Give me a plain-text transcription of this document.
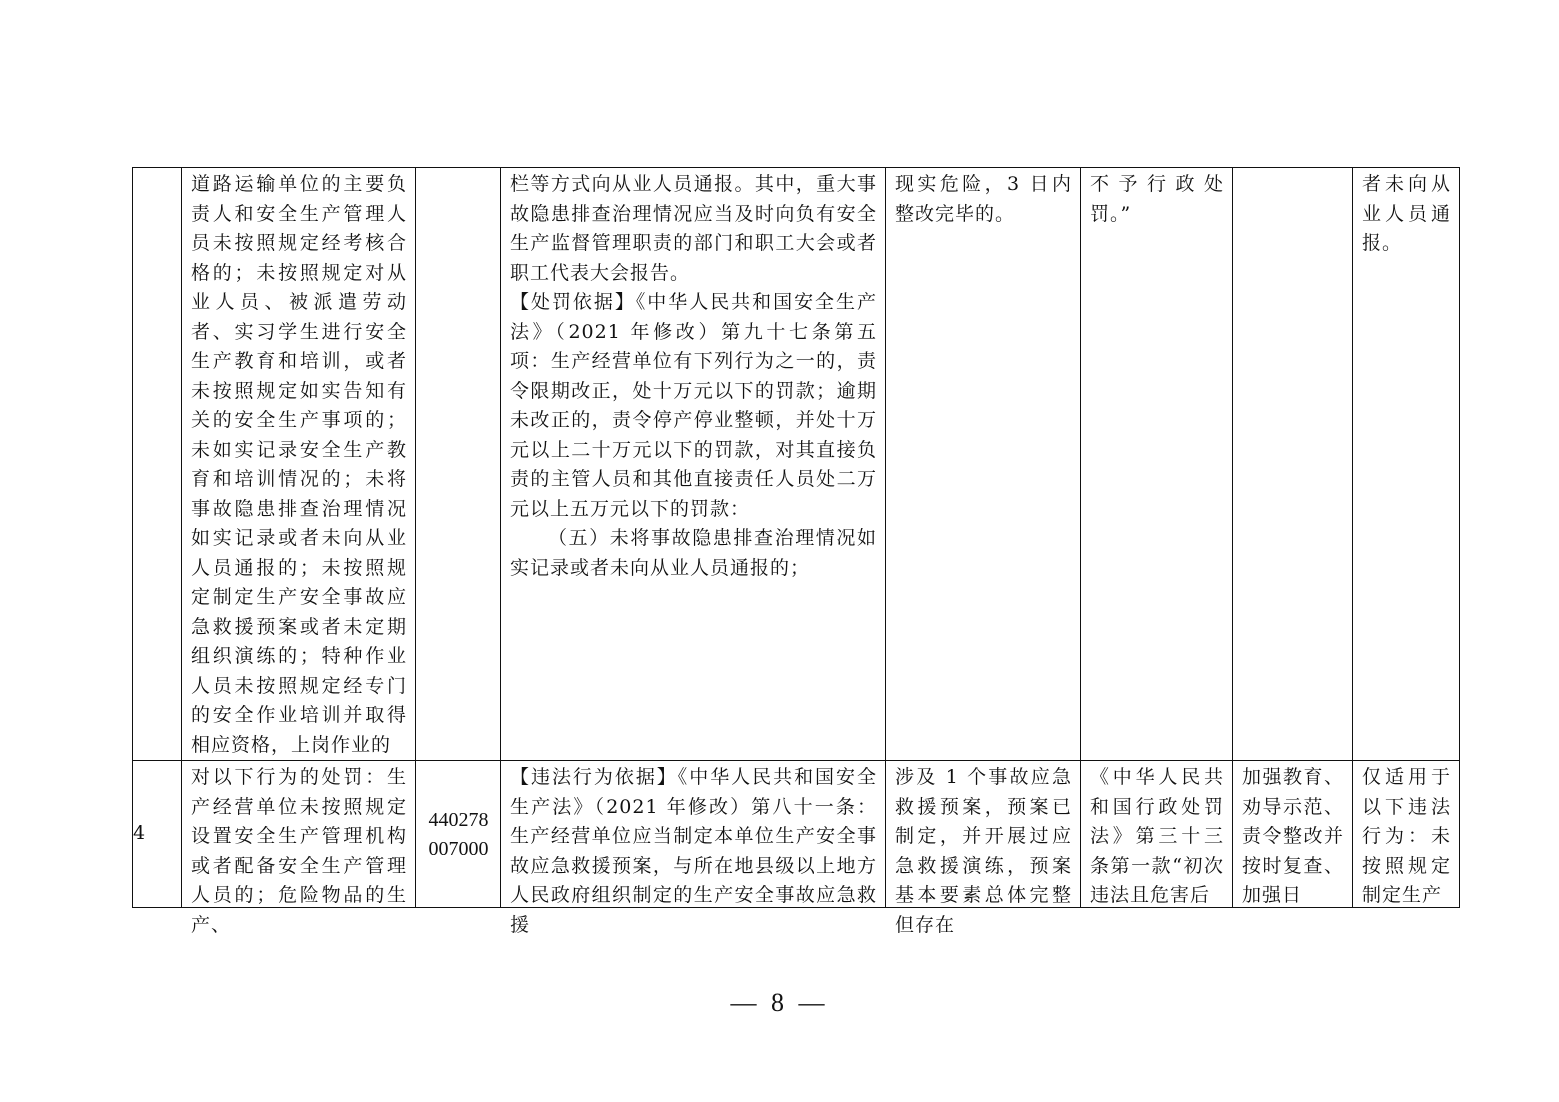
	道路运输单位的主要负责人和安全生产管理人员未按照规定经考核合格的；未按照规定对从业人员、被派遣劳动者、实习学生进行安全生产教育和培训，或者未按照规定如实告知有关的安全生产事项的；未如实记录安全生产教育和培训情况的；未将事故隐患排查治理情况如实记录或者未向从业人员通报的；未按照规定制定生产安全事故应急救援预案或者未定期组织演练的；特种作业人员未按照规定经专门的安全作业培训并取得相应资格，上岗作业的		栏等方式向从业人员通报。其中，重大事故隐患排查治理情况应当及时向负有安全生产监督管理职责的部门和职工大会或者职工代表大会报告。
【处罚依据】《中华人民共和国安全生产法》（2021 年修改）第九十七条第五项：生产经营单位有下列行为之一的，责令限期改正，处十万元以下的罚款；逾期未改正的，责令停产停业整顿，并处十万元以上二十万元以下的罚款，对其直接负责的主管人员和其他直接责任人员处二万元以上五万元以下的罚款：
（五）未将事故隐患排查治理情况如实记录或者未向从业人员通报的；	现实危险，3 日内整改完毕的。	不予行政处罚。”		者未向从业人员通报。
4	对以下行为的处罚：生产经营单位未按照规定设置安全生产管理机构或者配备安全生产管理人员的；危险物品的生产、	440278
007000	【违法行为依据】《中华人民共和国安全生产法》（2021 年修改）第八十一条：生产经营单位应当制定本单位生产安全事故应急救援预案，与所在地县级以上地方人民政府组织制定的生产安全事故应急救援	涉及 1 个事故应急救援预案，预案已制定，并开展过应急救援演练，预案基本要素总体完整但存在	《中华人民共和国行政处罚法》第三十三条第一款“初次违法且危害后	加强教育、劝导示范、责令整改并按时复查、加强日	仅适用于以下违法行为：未按照规定制定生产
— 8 —
